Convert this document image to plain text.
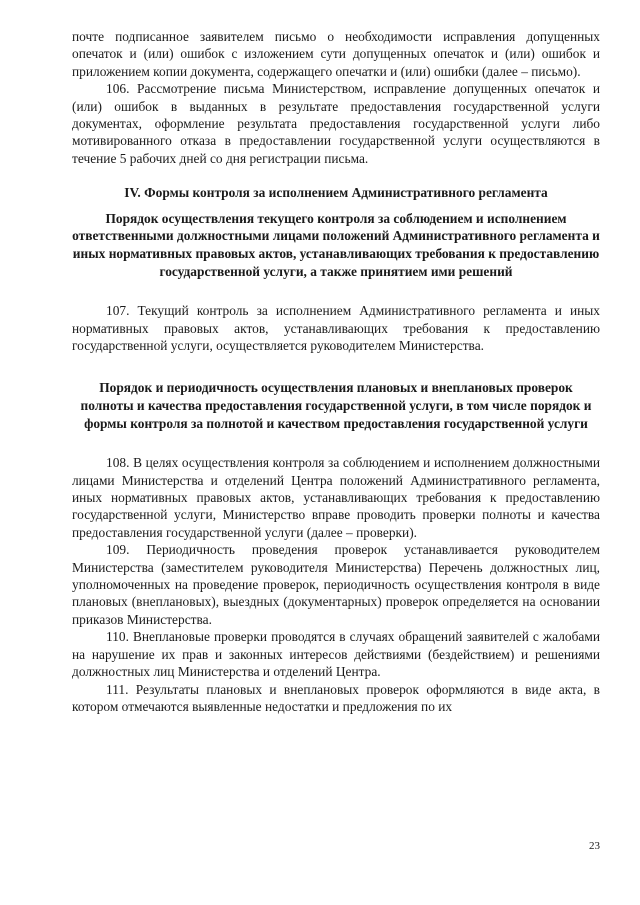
почте подписанное заявителем письмо о необходимости исправления допущенных опечаток и (или) ошибок с изложением сути допущенных опечаток и (или) ошибок и приложением копии документа, содержащего опечатки и (или) ошибки (далее – письмо).

106. Рассмотрение письма Министерством, исправление допущенных опечаток и (или) ошибок в выданных в результате предоставления государственной услуги документах, оформление результата предоставления государственной услуги либо мотивированного отказа в предоставлении государственной услуги осуществляются в течение 5 рабочих дней со дня регистрации письма.

IV. Формы контроля за исполнением Административного регламента
Порядок осуществления текущего контроля за соблюдением и исполнением ответственными должностными лицами положений Административного регламента и иных нормативных правовых актов, устанавливающих требования к предоставлению государственной услуги, а также принятием ими решений

107. Текущий контроль за исполнением Административного регламента и иных нормативных правовых актов, устанавливающих требования к предоставлению государственной услуги, осуществляется руководителем Министерства.

Порядок и периодичность осуществления плановых и внеплановых проверок полноты и качества предоставления государственной услуги, в том числе порядок и формы контроля за полнотой и качеством предоставления государственной услуги

108. В целях осуществления контроля за соблюдением и исполнением должностными лицами Министерства и отделений Центра положений Административного регламента, иных нормативных правовых актов, устанавливающих требования к предоставлению государственной услуги, Министерство вправе проводить проверки полноты и качества предоставления государственной услуги (далее – проверки).

109. Периодичность проведения проверок устанавливается руководителем Министерства (заместителем руководителя Министерства) Перечень должностных лиц, уполномоченных на проведение проверок, периодичность осуществления контроля в виде плановых (внеплановых), выездных (документарных) проверок определяется на основании приказов Министерства.

110. Внеплановые проверки проводятся в случаях обращений заявителей с жалобами на нарушение их прав и законных интересов действиями (бездействием) и решениями должностных лиц Министерства и отделений Центра.

111. Результаты плановых и внеплановых проверок оформляются в виде акта, в котором отмечаются выявленные недостатки и предложения по их

23
